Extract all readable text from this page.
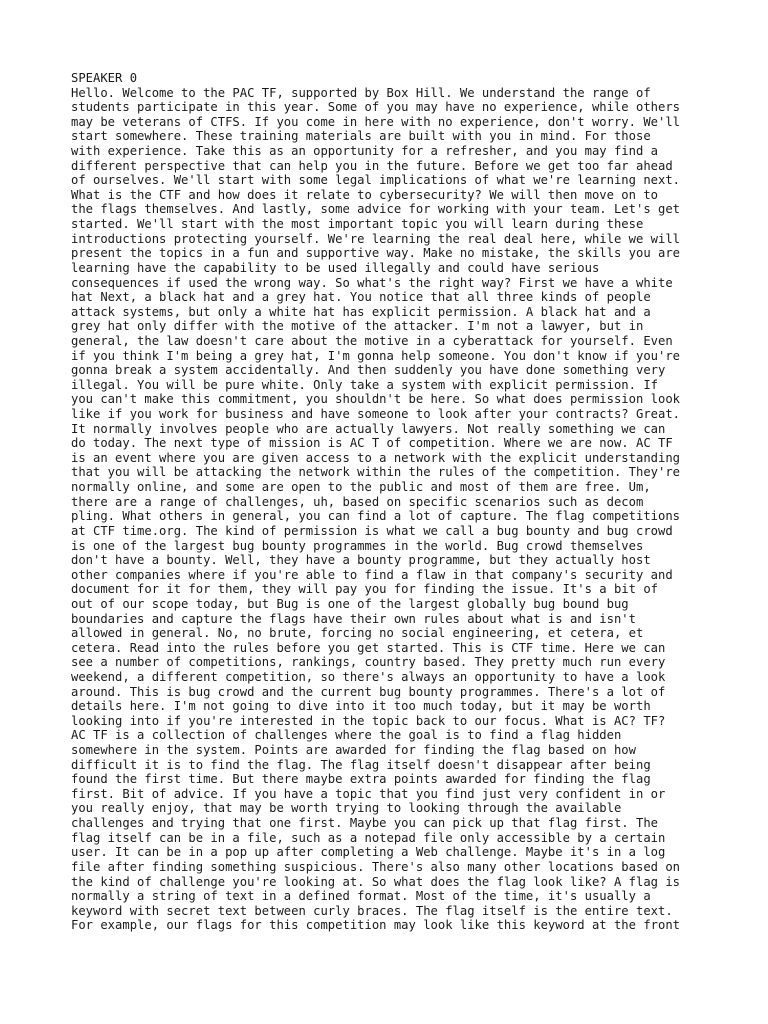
SPEAKER 0
Hello. Welcome to the PAC TF, supported by Box Hill. We understand the range of
students participate in this year. Some of you may have no experience, while others
may be veterans of CTFS. If you come in here with no experience, don't worry. We'll
start somewhere. These training materials are built with you in mind. For those
with experience. Take this as an opportunity for a refresher, and you may find a
different perspective that can help you in the future. Before we get too far ahead
of ourselves. We'll start with some legal implications of what we're learning next.
What is the CTF and how does it relate to cybersecurity? We will then move on to
the flags themselves. And lastly, some advice for working with your team. Let's get
started. We'll start with the most important topic you will learn during these
introductions protecting yourself. We're learning the real deal here, while we will
present the topics in a fun and supportive way. Make no mistake, the skills you are
learning have the capability to be used illegally and could have serious
consequences if used the wrong way. So what's the right way? First we have a white
hat Next, a black hat and a grey hat. You notice that all three kinds of people
attack systems, but only a white hat has explicit permission. A black hat and a
grey hat only differ with the motive of the attacker. I'm not a lawyer, but in
general, the law doesn't care about the motive in a cyberattack for yourself. Even
if you think I'm being a grey hat, I'm gonna help someone. You don't know if you're
gonna break a system accidentally. And then suddenly you have done something very
illegal. You will be pure white. Only take a system with explicit permission. If
you can't make this commitment, you shouldn't be here. So what does permission look
like if you work for business and have someone to look after your contracts? Great.
It normally involves people who are actually lawyers. Not really something we can
do today. The next type of mission is AC T of competition. Where we are now. AC TF
is an event where you are given access to a network with the explicit understanding
that you will be attacking the network within the rules of the competition. They're
normally online, and some are open to the public and most of them are free. Um,
there are a range of challenges, uh, based on specific scenarios such as decom
pling. What others in general, you can find a lot of capture. The flag competitions
at CTF time.org. The kind of permission is what we call a bug bounty and bug crowd
is one of the largest bug bounty programmes in the world. Bug crowd themselves
don't have a bounty. Well, they have a bounty programme, but they actually host
other companies where if you're able to find a flaw in that company's security and
document for it for them, they will pay you for finding the issue. It's a bit of
out of our scope today, but Bug is one of the largest globally bug bound bug
boundaries and capture the flags have their own rules about what is and isn't
allowed in general. No, no brute, forcing no social engineering, et cetera, et
cetera. Read into the rules before you get started. This is CTF time. Here we can
see a number of competitions, rankings, country based. They pretty much run every
weekend, a different competition, so there's always an opportunity to have a look
around. This is bug crowd and the current bug bounty programmes. There's a lot of
details here. I'm not going to dive into it too much today, but it may be worth
looking into if you're interested in the topic back to our focus. What is AC? TF?
AC TF is a collection of challenges where the goal is to find a flag hidden
somewhere in the system. Points are awarded for finding the flag based on how
difficult it is to find the flag. The flag itself doesn't disappear after being
found the first time. But there maybe extra points awarded for finding the flag
first. Bit of advice. If you have a topic that you find just very confident in or
you really enjoy, that may be worth trying to looking through the available
challenges and trying that one first. Maybe you can pick up that flag first. The
flag itself can be in a file, such as a notepad file only accessible by a certain
user. It can be in a pop up after completing a Web challenge. Maybe it's in a log
file after finding something suspicious. There's also many other locations based on
the kind of challenge you're looking at. So what does the flag look like? A flag is
normally a string of text in a defined format. Most of the time, it's usually a
keyword with secret text between curly braces. The flag itself is the entire text.
For example, our flags for this competition may look like this keyword at the front
